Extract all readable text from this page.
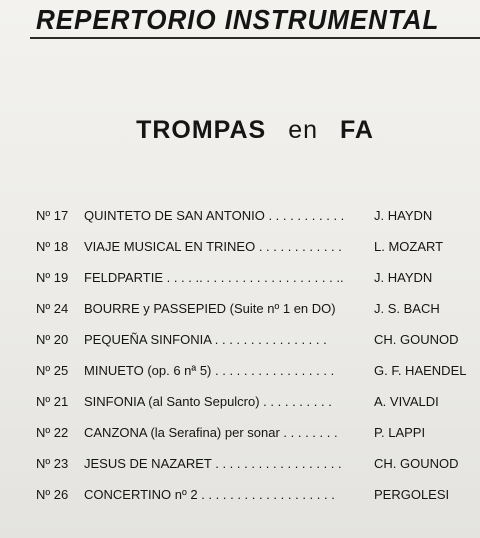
REPERTORIO INSTRUMENTAL
TROMPAS en FA
Nº 17 QUINTETO DE SAN ANTONIO . . . . . . . . . . . J. HAYDN
Nº 18 VIAJE MUSICAL EN TRINEO . . . . . . . . . . . . L. MOZART
Nº 19 FELDPARTIE . . . . .. . . . . . . . . . . . . . . . . . . .. J. HAYDN
Nº 24 BOURRE y PASSEPIED (Suite nº 1 en DO)	J. S. BACH
Nº 20 PEQUEÑA SINFONIA . . . . . . . . . . . . . . . .	CH. GOUNOD
Nº 25 MINUETO (op. 6 nª 5) . . . . . . . . . . . . . . . . .	G. F. HAENDEL
Nº 21 SINFONIA (al Santo Sepulcro) . . . . . . . . . .	A. VIVALDI
Nº 22 CANZONA (la Serafina) per sonar . . . . . . . .	P. LAPPI
Nº 23 JESUS DE NAZARET . . . . . . . . . . . . . . . . . . CH. GOUNOD
Nº 26 CONCERTINO nº 2 . . . . . . . . . . . . . . . . . . .	PERGOLESI
